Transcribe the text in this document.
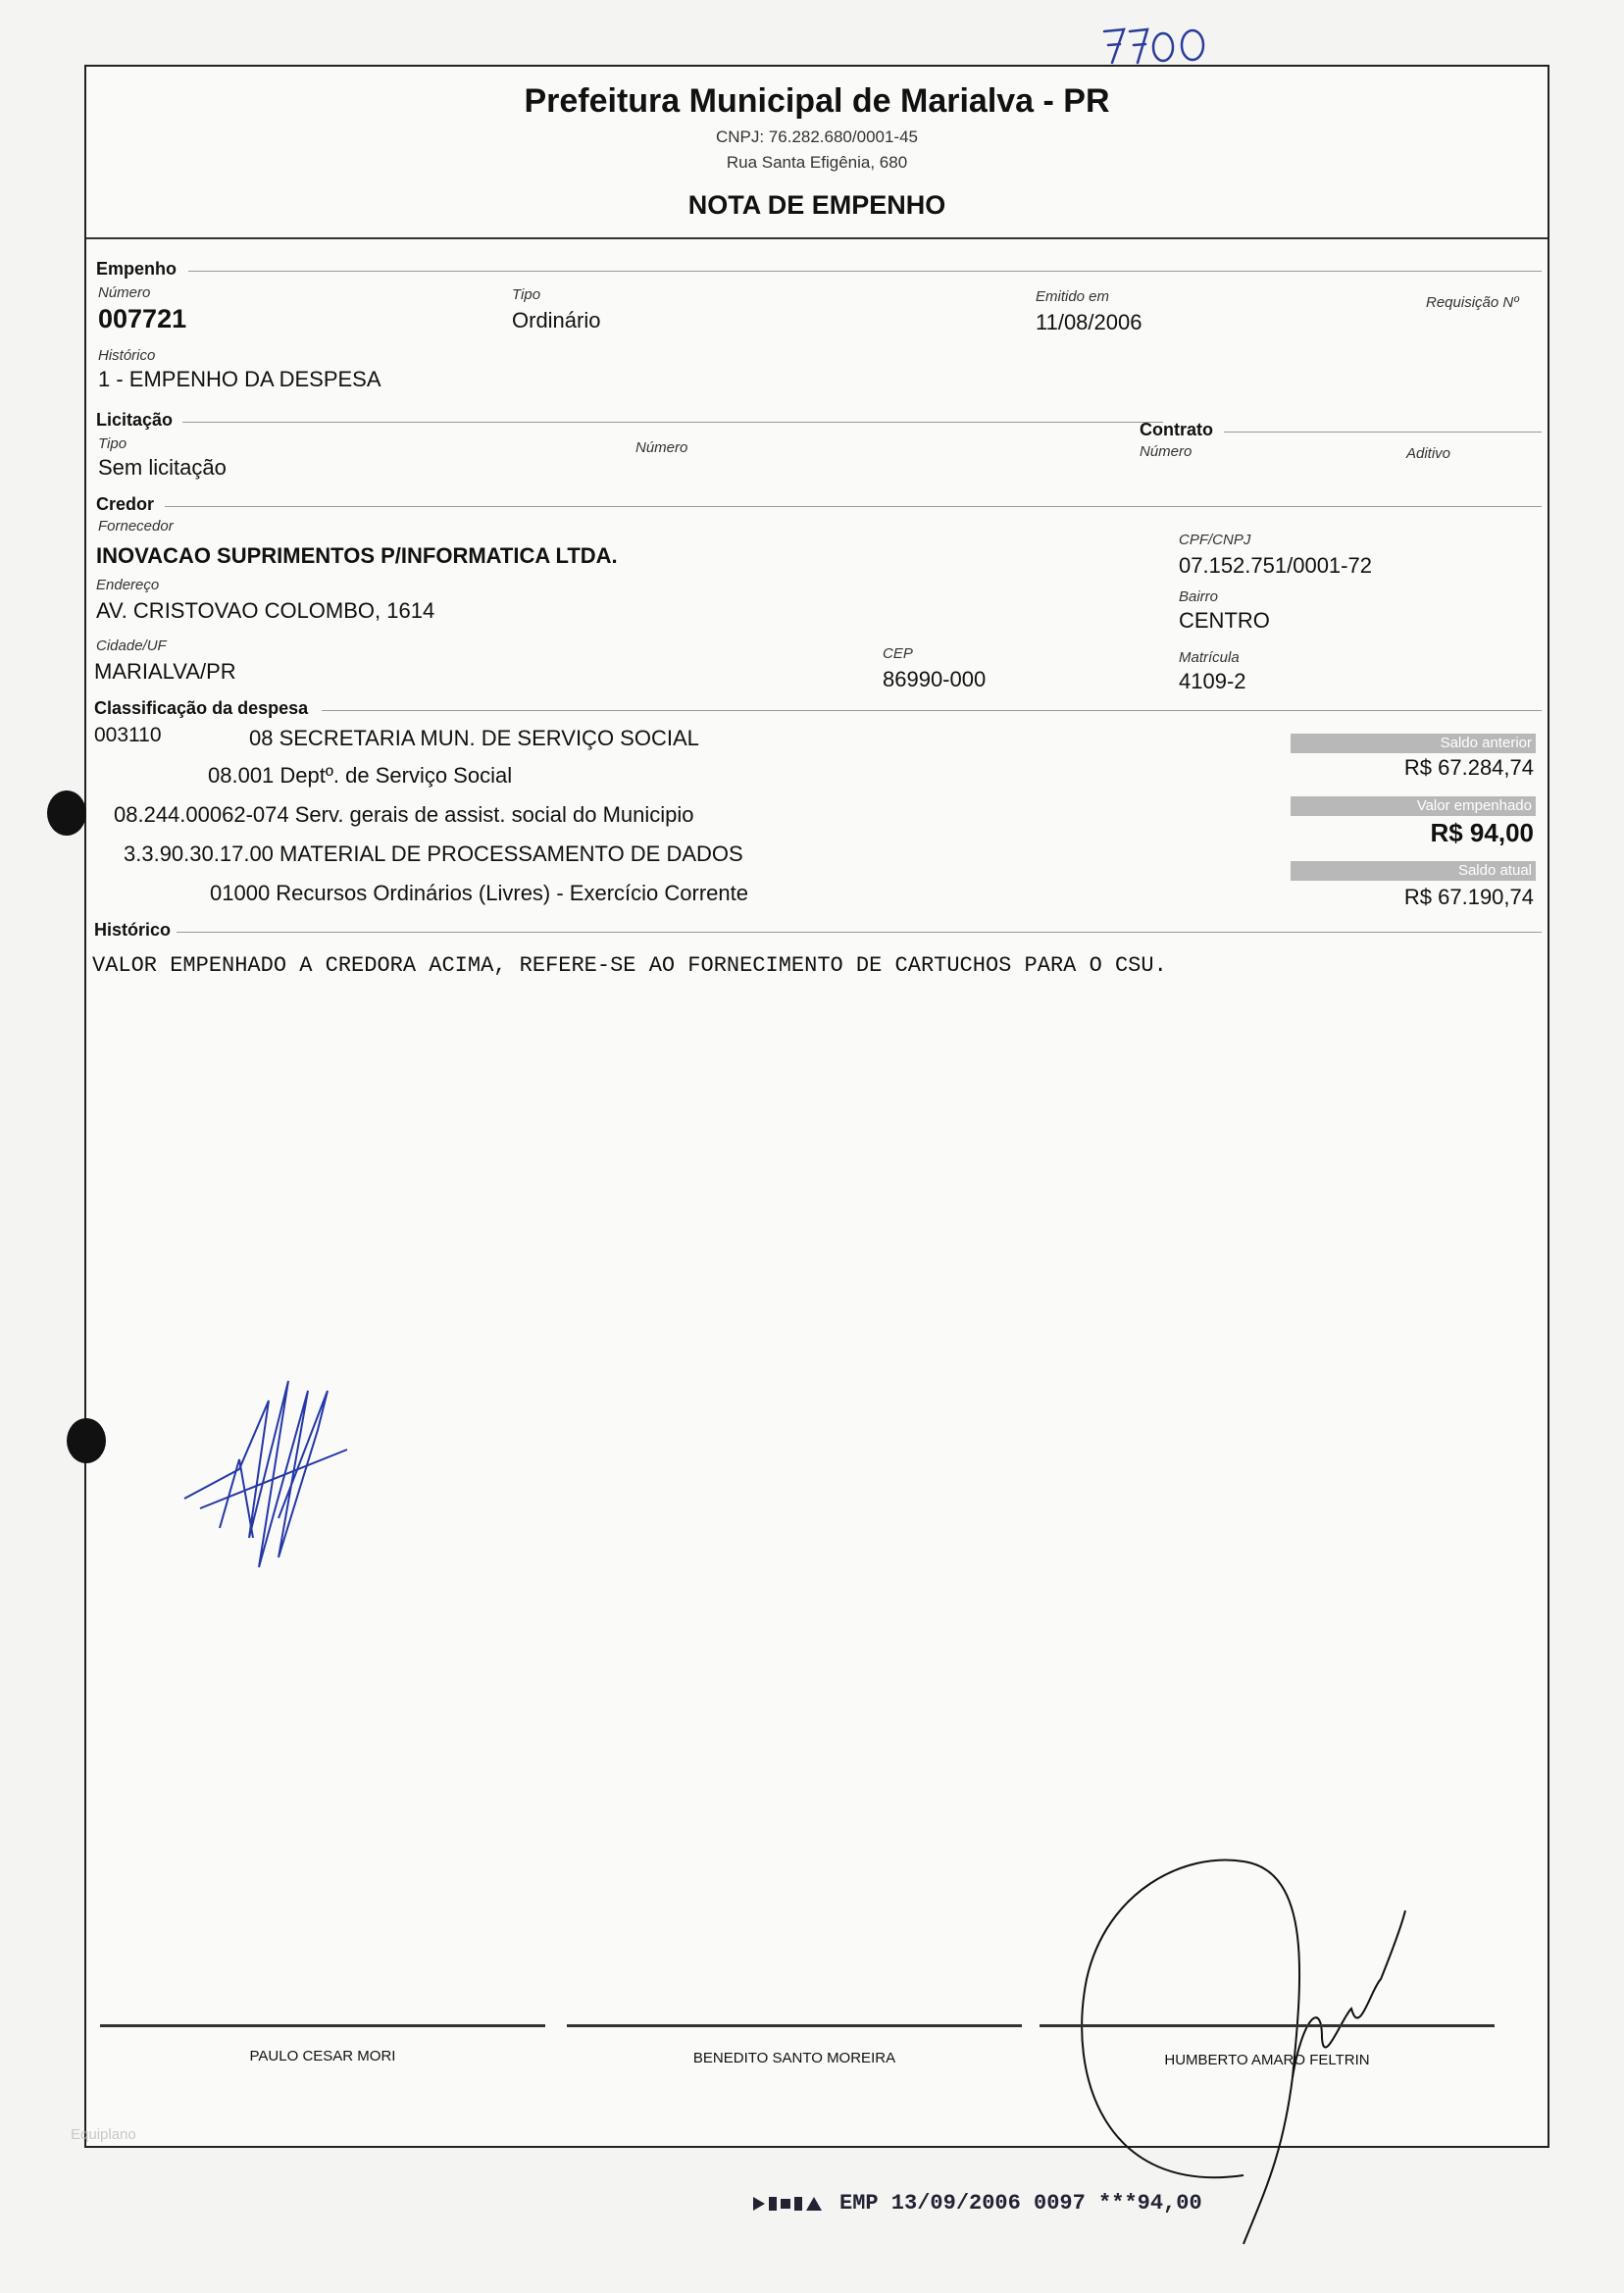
Prefeitura Municipal de Marialva - PR
CNPJ: 76.282.680/0001-45
Rua Santa Efigênia, 680
NOTA DE EMPENHO
Empenho
Número
007721
Tipo
Ordinário
Emitido em
11/08/2006
Requisição Nº
Histórico
1 - EMPENHO DA DESPESA
Licitação
Tipo
Sem licitação
Número
Contrato
Número	Aditivo
Credor
Fornecedor
INOVACAO SUPRIMENTOS P/INFORMATICA LTDA.
CPF/CNPJ
07.152.751/0001-72
Endereço
AV. CRISTOVAO COLOMBO, 1614
Bairro
CENTRO
Cidade/UF
MARIALVA/PR
CEP
86990-000
Matrícula
4109-2
Classificação da despesa
003110	08 SECRETARIA MUN. DE SERVIÇO SOCIAL
08.001 Deptº. de Serviço Social
08.244.00062-074 Serv. gerais de assist. social do Municipio
3.3.90.30.17.00 MATERIAL DE PROCESSAMENTO DE DADOS
01000 Recursos Ordinários (Livres) - Exercício Corrente
Saldo anterior
R$ 67.284,74
Valor empenhado
R$ 94,00
Saldo atual
R$ 67.190,74
Histórico
VALOR EMPENHADO A CREDORA ACIMA, REFERE-SE AO FORNECIMENTO DE CARTUCHOS PARA O CSU.
PAULO CESAR MORI	BENEDITO SANTO MOREIRA	HUMBERTO AMARO FELTRIN
Equiplano
EMP 13/09/2006 0097 ***94,00
